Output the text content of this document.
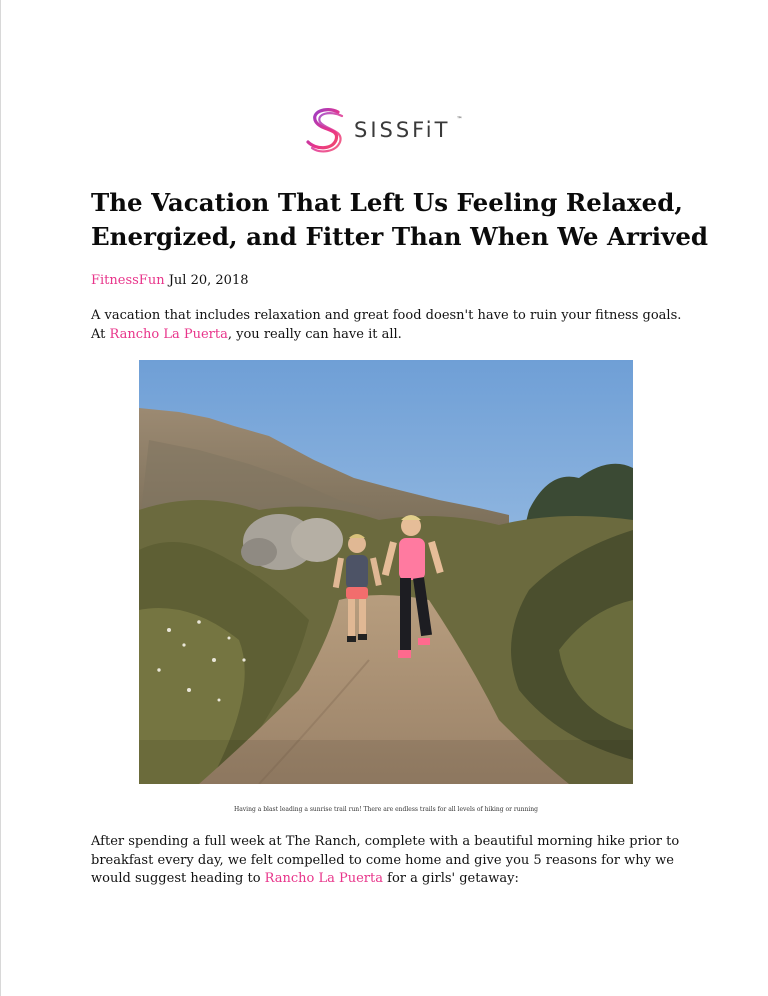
SISSFiT ™
The Vacation That Left Us Feeling Relaxed,
Energized, and Fitter Than When We Arrived
FitnessFun Jul 20, 2018

A vacation that includes relaxation and great food doesn't have to ruin your fitness goals. At Rancho La Puerta, you really can have it all.

Having a blast leading a sunrise trail run! There are endless trails for all levels of hiking or running

After spending a full week at The Ranch, complete with a beautiful morning hike prior to breakfast every day, we felt compelled to come home and give you 5 reasons for why we would suggest heading to Rancho La Puerta for a girls' getaway:
